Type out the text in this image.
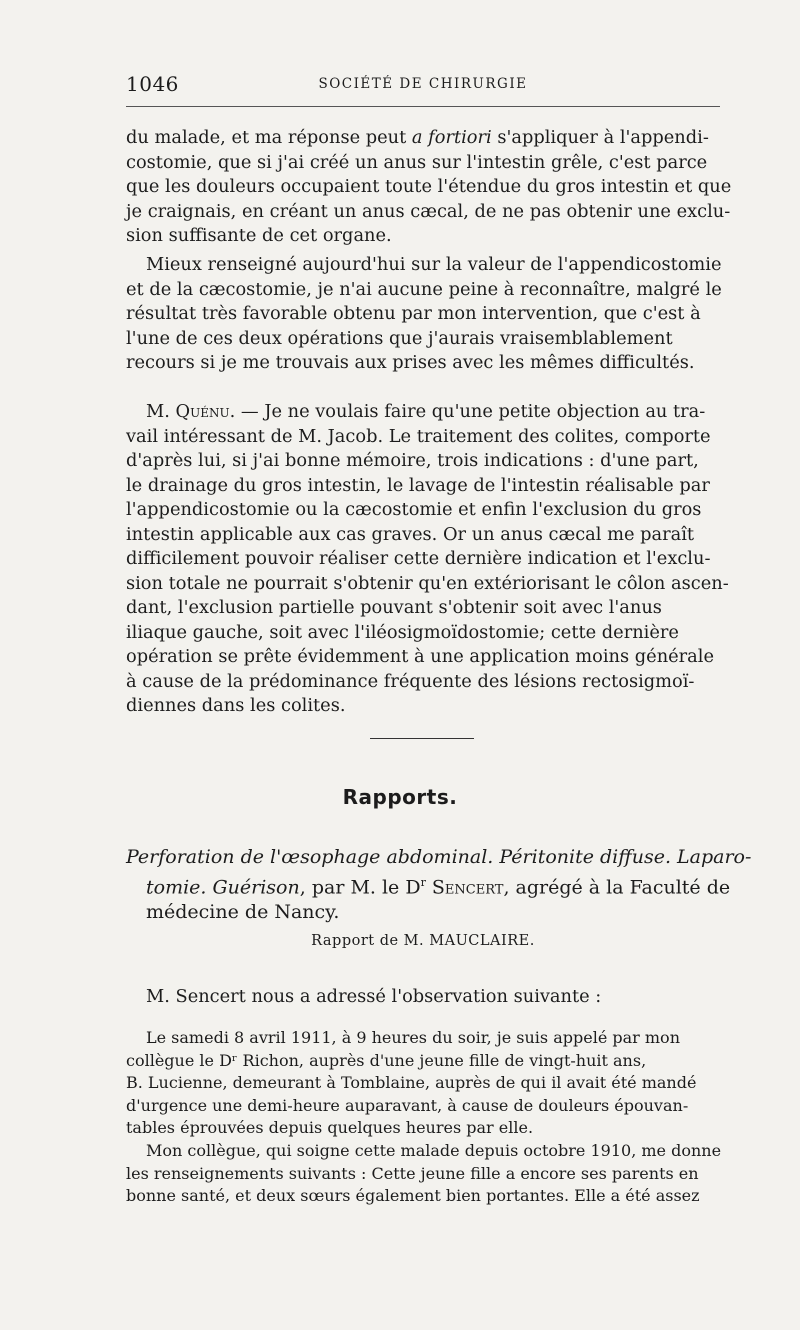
1046	SOCIÉTÉ DE CHIRURGIE
du malade, et ma réponse peut a fortiori s'appliquer à l'appendi-
costomie, que si j'ai créé un anus sur l'intestin grêle, c'est parce
que les douleurs occupaient toute l'étendue du gros intestin et que
je craignais, en créant un anus cæcal, de ne pas obtenir une exclu-
sion suffisante de cet organe.
Mieux renseigné aujourd'hui sur la valeur de l'appendicostomie
et de la cæcostomie, je n'ai aucune peine à reconnaître, malgré le
résultat très favorable obtenu par mon intervention, que c'est à
l'une de ces deux opérations que j'aurais vraisemblablement
recours si je me trouvais aux prises avec les mêmes difficultés.
M. Quénu. — Je ne voulais faire qu'une petite objection au tra-
vail intéressant de M. Jacob. Le traitement des colites, comporte
d'après lui, si j'ai bonne mémoire, trois indications : d'une part,
le drainage du gros intestin, le lavage de l'intestin réalisable par
l'appendicostomie ou la cæcostomie et enfin l'exclusion du gros
intestin applicable aux cas graves. Or un anus cæcal me paraît
difficilement pouvoir réaliser cette dernière indication et l'exclu-
sion totale ne pourrait s'obtenir qu'en extériorisant le côlon ascen-
dant, l'exclusion partielle pouvant s'obtenir soit avec l'anus
iliaque gauche, soit avec l'iléosigmoïdostomie; cette dernière
opération se prête évidemment à une application moins générale
à cause de la prédominance fréquente des lésions rectosigmoï-
diennes dans les colites.
Rapports.
Perforation de l'œsophage abdominal. Péritonite diffuse. Laparo-
tomie. Guérison, par M. le $D^r$ Sencert, agrégé à la Faculté de
médecine de Nancy.
Rapport de M. MAUCLAIRE.
M. Sencert nous a adressé l'observation suivante :
Le samedi 8 avril 1911, à 9 heures du soir, je suis appelé par mon
collègue le Dʳ Richon, auprès d'une jeune fille de vingt-huit ans,
B. Lucienne, demeurant à Tomblaine, auprès de qui il avait été mandé
d'urgence une demi-heure auparavant, à cause de douleurs épouvan-
tables éprouvées depuis quelques heures par elle.
Mon collègue, qui soigne cette malade depuis octobre 1910, me donne
les renseignements suivants : Cette jeune fille a encore ses parents en
bonne santé, et deux sœurs également bien portantes. Elle a été assez
